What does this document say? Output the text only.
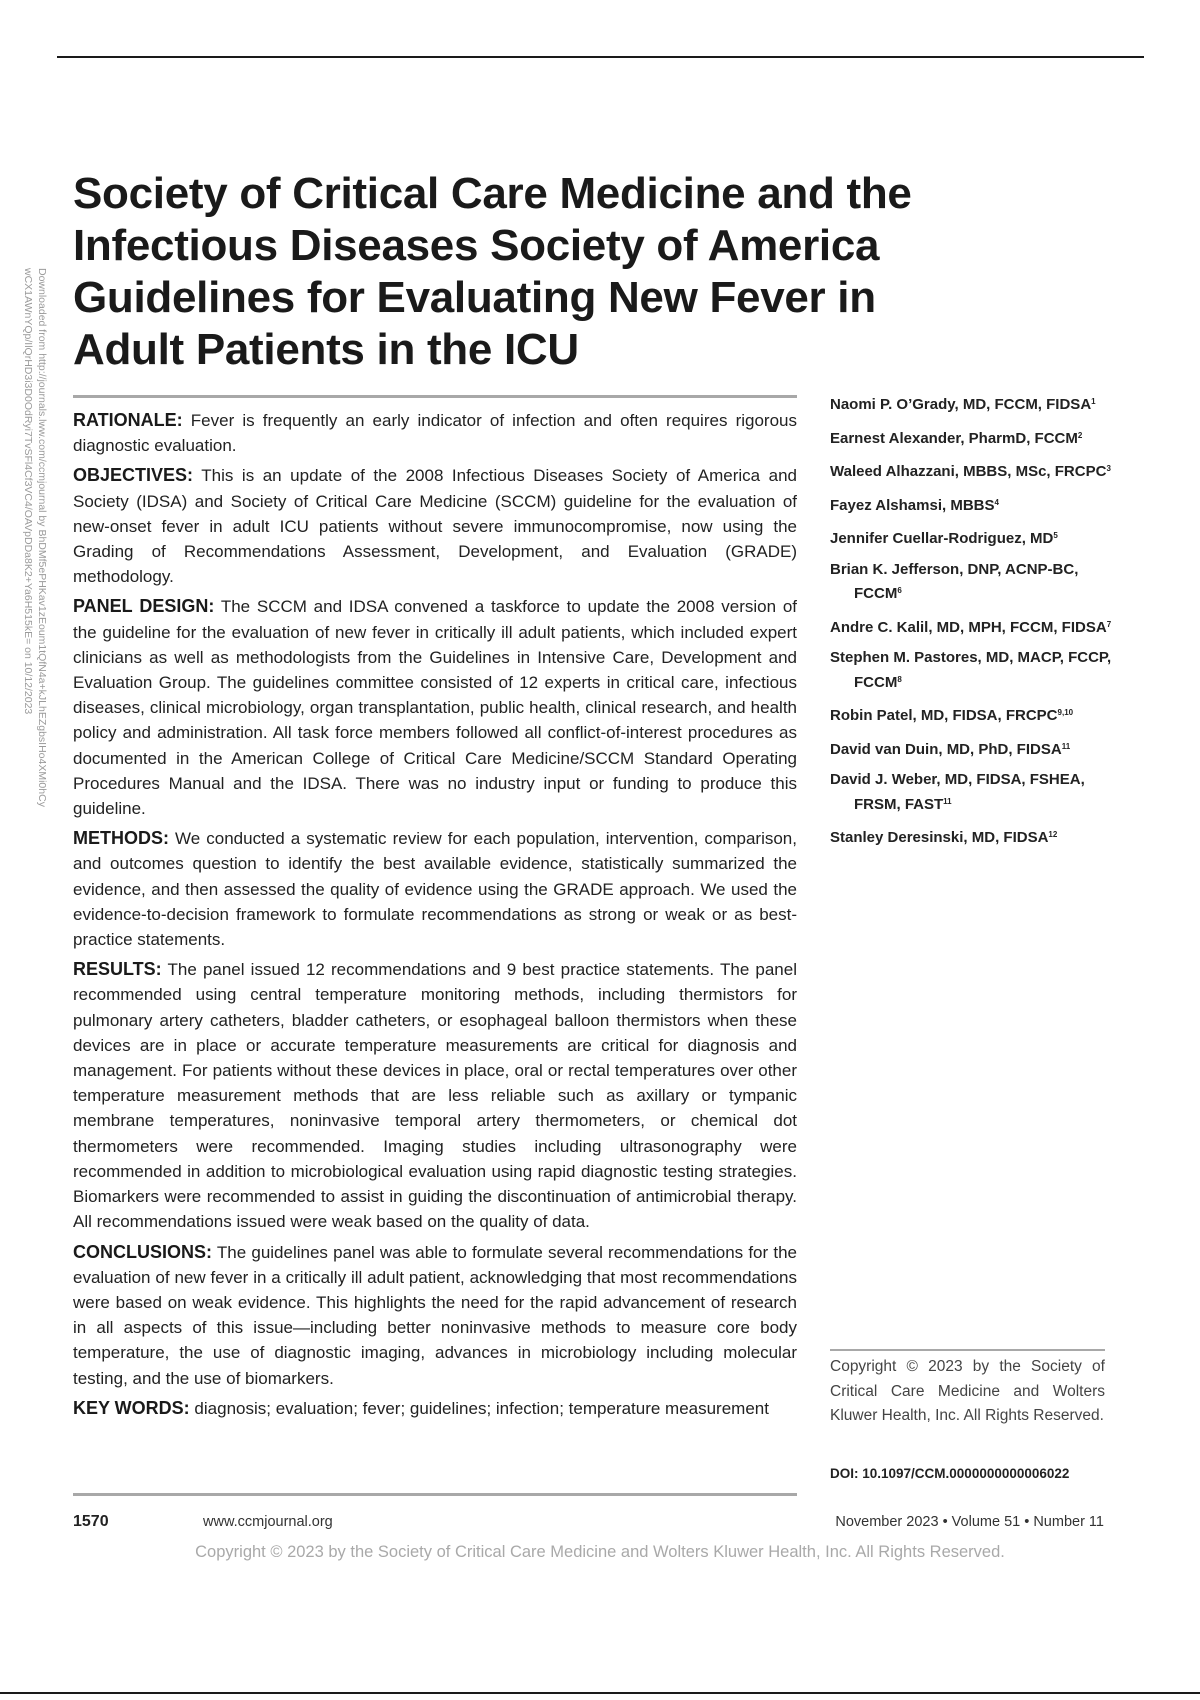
Downloaded from http://journals.lww.com/ccmjournal by BhDMf5ePHKav1zEoum1tQfN4a+kJLhEZgbsIHo4XMi0hCy
wCX1AWnYQp/IlQrHD3i3D0OdRyi7TvSFl4Cf3VC4/OAVpDDa8K2+Ya6H515kE= on 10/12/2023
Society of Critical Care Medicine and the Infectious Diseases Society of America Guidelines for Evaluating New Fever in Adult Patients in the ICU

RATIONALE: Fever is frequently an early indicator of infection and often requires rigorous diagnostic evaluation.

OBJECTIVES: This is an update of the 2008 Infectious Diseases Society of America and Society (IDSA) and Society of Critical Care Medicine (SCCM) guideline for the evaluation of new-onset fever in adult ICU patients without severe immunocompromise, now using the Grading of Recommendations Assessment, Development, and Evaluation (GRADE) methodology.

PANEL DESIGN: The SCCM and IDSA convened a taskforce to update the 2008 version of the guideline for the evaluation of new fever in critically ill adult patients, which included expert clinicians as well as methodologists from the Guidelines in Intensive Care, Development and Evaluation Group. The guidelines committee consisted of 12 experts in critical care, infectious diseases, clinical microbiology, organ transplantation, public health, clinical research, and health policy and administration. All task force members followed all conflict-of-interest procedures as documented in the American College of Critical Care Medicine/SCCM Standard Operating Procedures Manual and the IDSA. There was no industry input or funding to produce this guideline.

METHODS: We conducted a systematic review for each population, intervention, comparison, and outcomes question to identify the best available evidence, statistically summarized the evidence, and then assessed the quality of evidence using the GRADE approach. We used the evidence-to-decision framework to formulate recommendations as strong or weak or as best-practice statements.

RESULTS: The panel issued 12 recommendations and 9 best practice statements. The panel recommended using central temperature monitoring methods, including thermistors for pulmonary artery catheters, bladder catheters, or esophageal balloon thermistors when these devices are in place or accurate temperature measurements are critical for diagnosis and management. For patients without these devices in place, oral or rectal temperatures over other temperature measurement methods that are less reliable such as axillary or tympanic membrane temperatures, noninvasive temporal artery thermometers, or chemical dot thermometers were recommended. Imaging studies including ultrasonography were recommended in addition to microbiological evaluation using rapid diagnostic testing strategies. Biomarkers were recommended to assist in guiding the discontinuation of antimicrobial therapy. All recommendations issued were weak based on the quality of data.

CONCLUSIONS: The guidelines panel was able to formulate several recommendations for the evaluation of new fever in a critically ill adult patient, acknowledging that most recommendations were based on weak evidence. This highlights the need for the rapid advancement of research in all aspects of this issue—including better noninvasive methods to measure core body temperature, the use of diagnostic imaging, advances in microbiology including molecular testing, and the use of biomarkers.

KEY WORDS: diagnosis; evaluation; fever; guidelines; infection; temperature measurement

Naomi P. O’Grady, MD, FCCM, FIDSA$^1$
Earnest Alexander, PharmD, FCCM$^2$
Waleed Alhazzani, MBBS, MSc, FRCPC$^3$
Fayez Alshamsi, MBBS$^4$
Jennifer Cuellar-Rodriguez, $MD^5$
Brian K. Jefferson, DNP, ACNP-BC, FCCM$^6$
Andre C. Kalil, MD, MPH, FCCM, FIDSA$^7$
Stephen M. Pastores, MD, MACP, FCCP, FCCM$^8$
Robin Patel, MD, FIDSA, FRCPC$^{9,10}$
David van Duin, MD, PhD, FIDSA$^{11}$
David J. Weber, MD, FIDSA, FSHEA, FRSM, FAST$^{11}$
Stanley Deresinski, MD, FIDSA$^{12}$
Copyright © 2023 by the Society of Critical Care Medicine and Wolters Kluwer Health, Inc. All Rights Reserved.
DOI: 10.1097/CCM.0000000000006022
1570	www.ccmjournal.org	November 2023 • Volume 51 • Number 11
Copyright © 2023 by the Society of Critical Care Medicine and Wolters Kluwer Health, Inc. All Rights Reserved.
